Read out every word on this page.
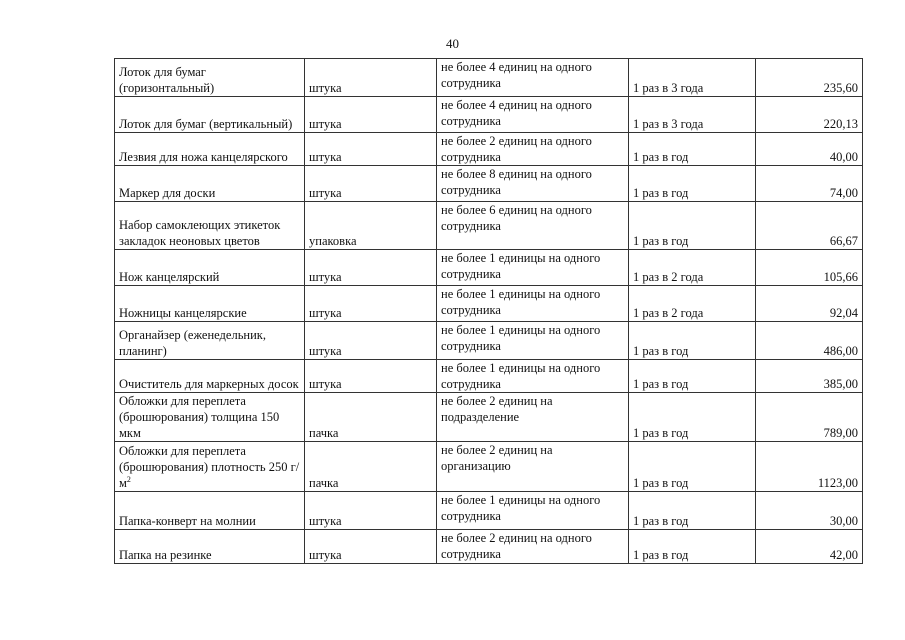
40
Лоток для бумаг (горизонтальный)	штука	не более 4 единиц на одного сотрудника	1 раз в 3 года	235,60
Лоток для бумаг (вертикальный)	штука	не более 4 единиц на одного сотрудника	1 раз в 3 года	220,13
Лезвия для ножа канцелярского	штука	не более 2 единиц на одного сотрудника	1 раз в год	40,00
Маркер для доски	штука	не более 8 единиц на одного сотрудника	1 раз в год	74,00
Набор самоклеющих этикеток закладок неоновых цветов	упаковка	не более 6 единиц на одного сотрудника	1 раз в год	66,67
Нож канцелярский	штука	не более 1 единицы на одного сотрудника	1 раз в 2 года	105,66
Ножницы канцелярские	штука	не более 1 единицы на одного сотрудника	1 раз в 2 года	92,04
Органайзер (еженедельник, планинг)	штука	не более 1 единицы на одного сотрудника	1 раз в год	486,00
Очиститель для маркерных досок	штука	не более 1 единицы на одного сотрудника	1 раз в год	385,00
Обложки для переплета (брошюрования) толщина 150 мкм	пачка	не более 2 единиц на подразделение	1 раз в год	789,00
Обложки для переплета (брошюрования) плотность 250 $г/м^2$	пачка	не более 2 единиц на организацию	1 раз в год	1123,00
Папка-конверт на молнии	штука	не более 1 единицы на одного сотрудника	1 раз в год	30,00
Папка на резинке	штука	не более 2 единиц на одного сотрудника	1 раз в год	42,00
